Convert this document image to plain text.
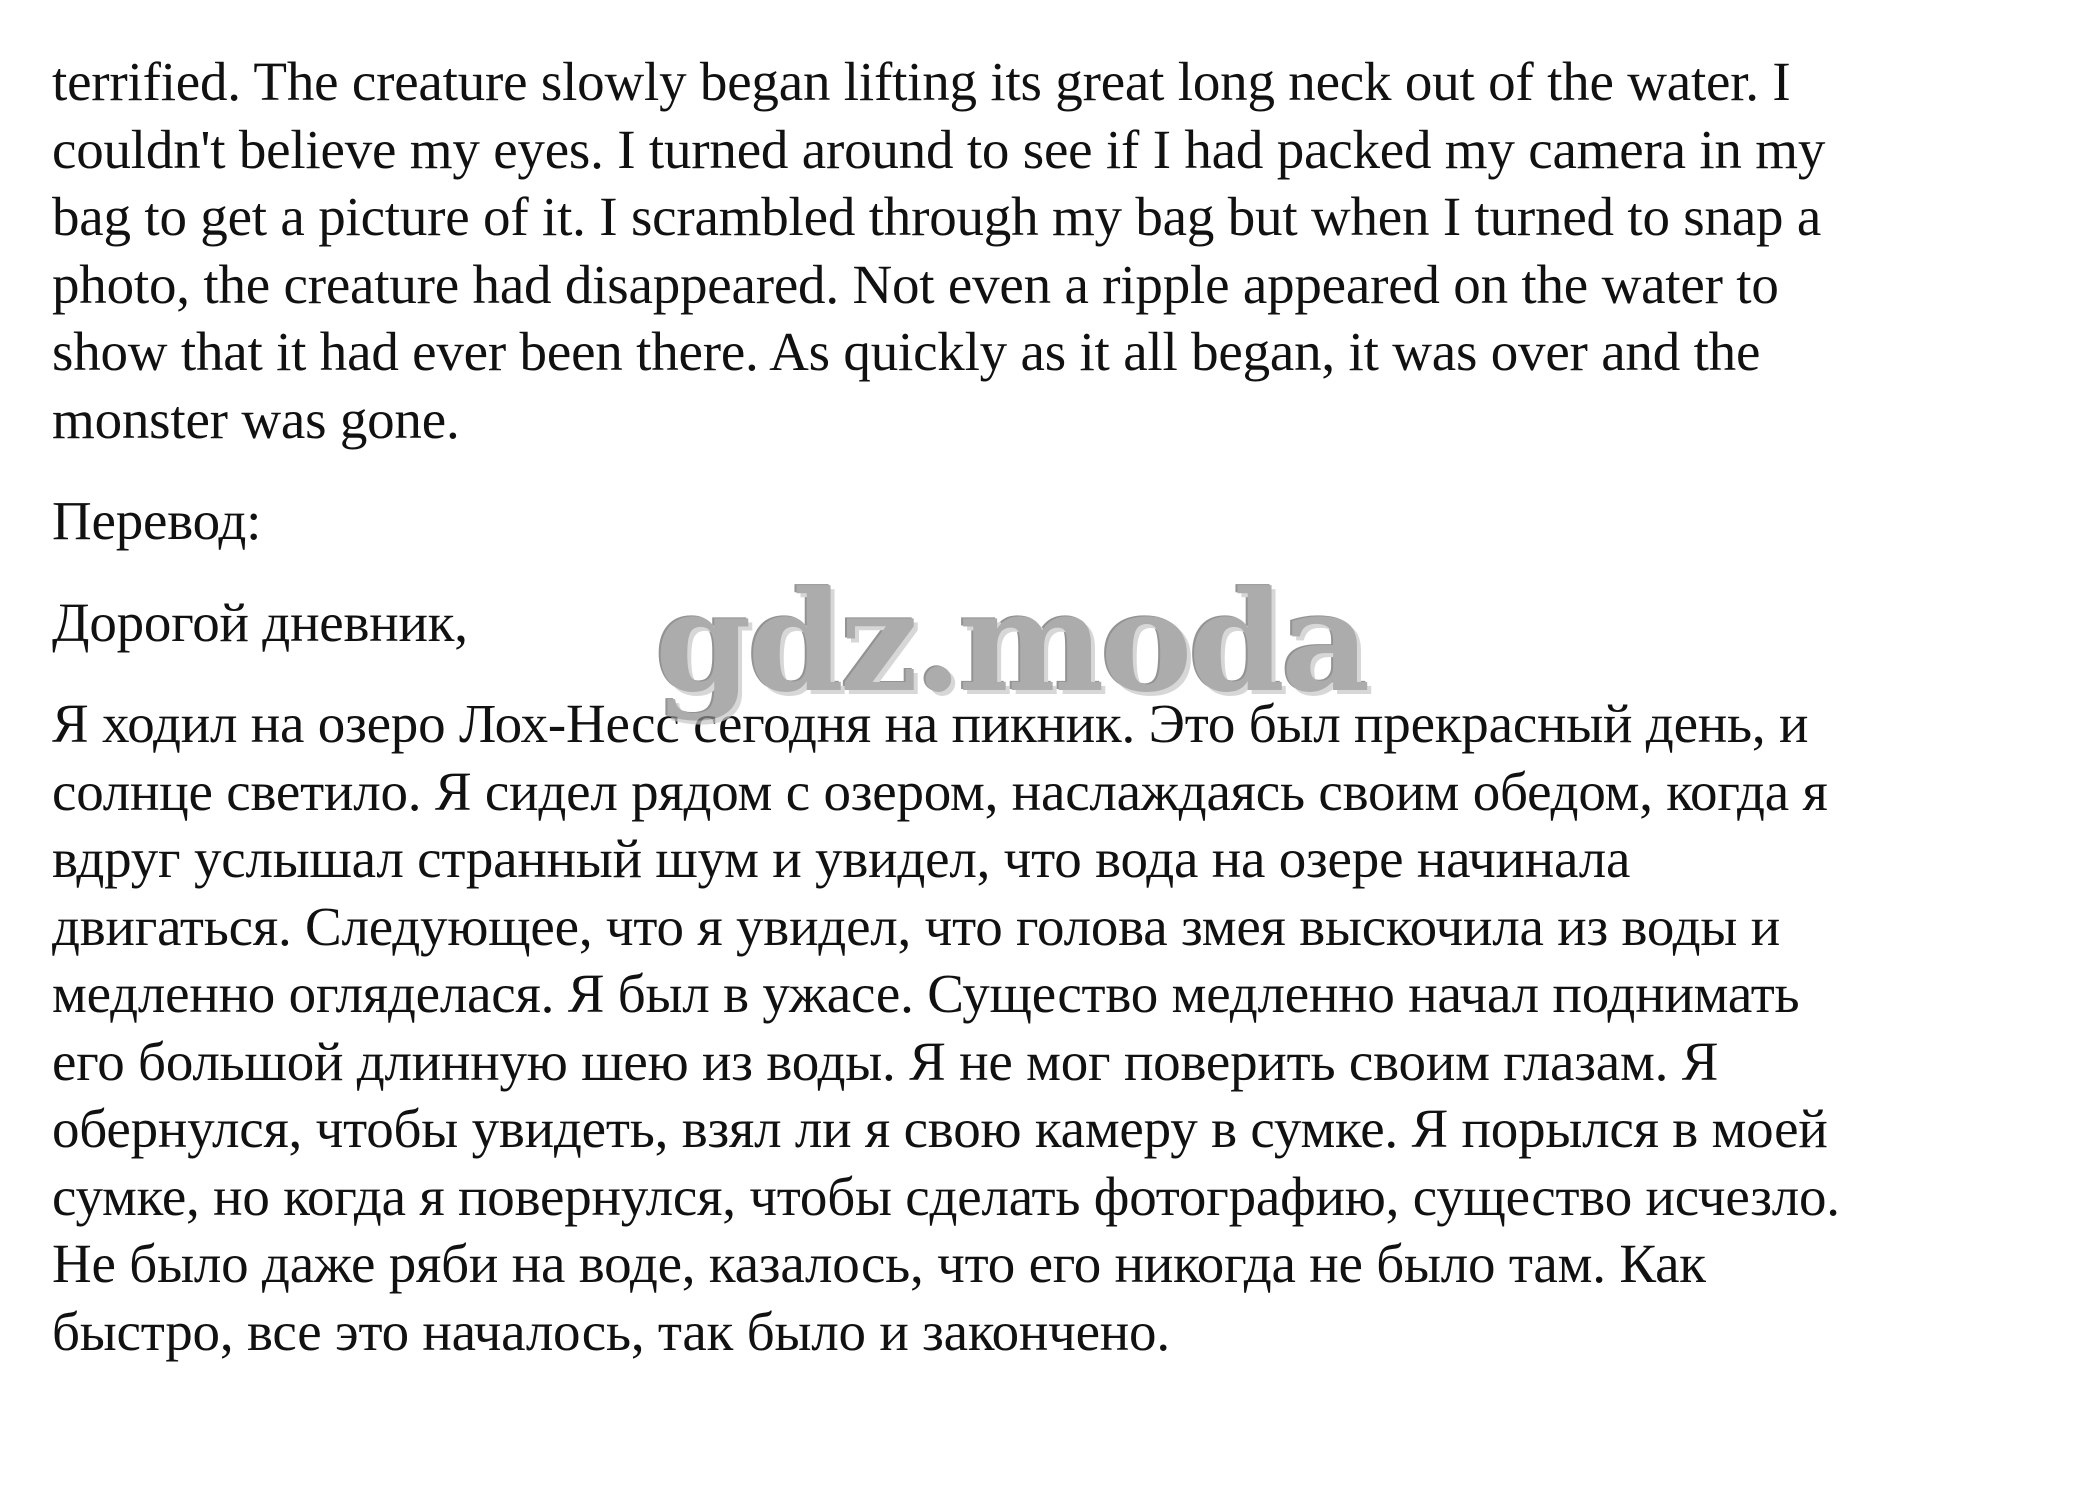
terrified. The creature slowly began lifting its great long neck out of the water. I
couldn't believe my eyes. I turned around to see if I had packed my camera in my
bag to get a picture of it. I scrambled through my bag but when I turned to snap a
photo, the creature had disappeared. Not even a ripple appeared on the water to
show that it had ever been there. As quickly as it all began, it was over and the
monster was gone.

Перевод:

Дорогой дневник,

Я ходил на озеро Лох-Несс сегодня на пикник. Это был прекрасный день, и
солнце светило. Я сидел рядом с озером, наслаждаясь своим обедом, когда я
вдруг услышал странный шум и увидел, что вода на озере начинала
двигаться. Следующее, что я увидел, что голова змея выскочила из воды и
медленно огляделася. Я был в ужасе. Существо медленно начал поднимать
его большой длинную шею из воды. Я не мог поверить своим глазам. Я
обернулся, чтобы увидеть, взял ли я свою камеру в сумке. Я порылся в моей
сумке, но когда я повернулся, чтобы сделать фотографию, существо исчезло.
Не было даже ряби на воде, казалось, что его никогда не было там. Как
быстро, все это началось, так было и закончено.

gdz.moda
